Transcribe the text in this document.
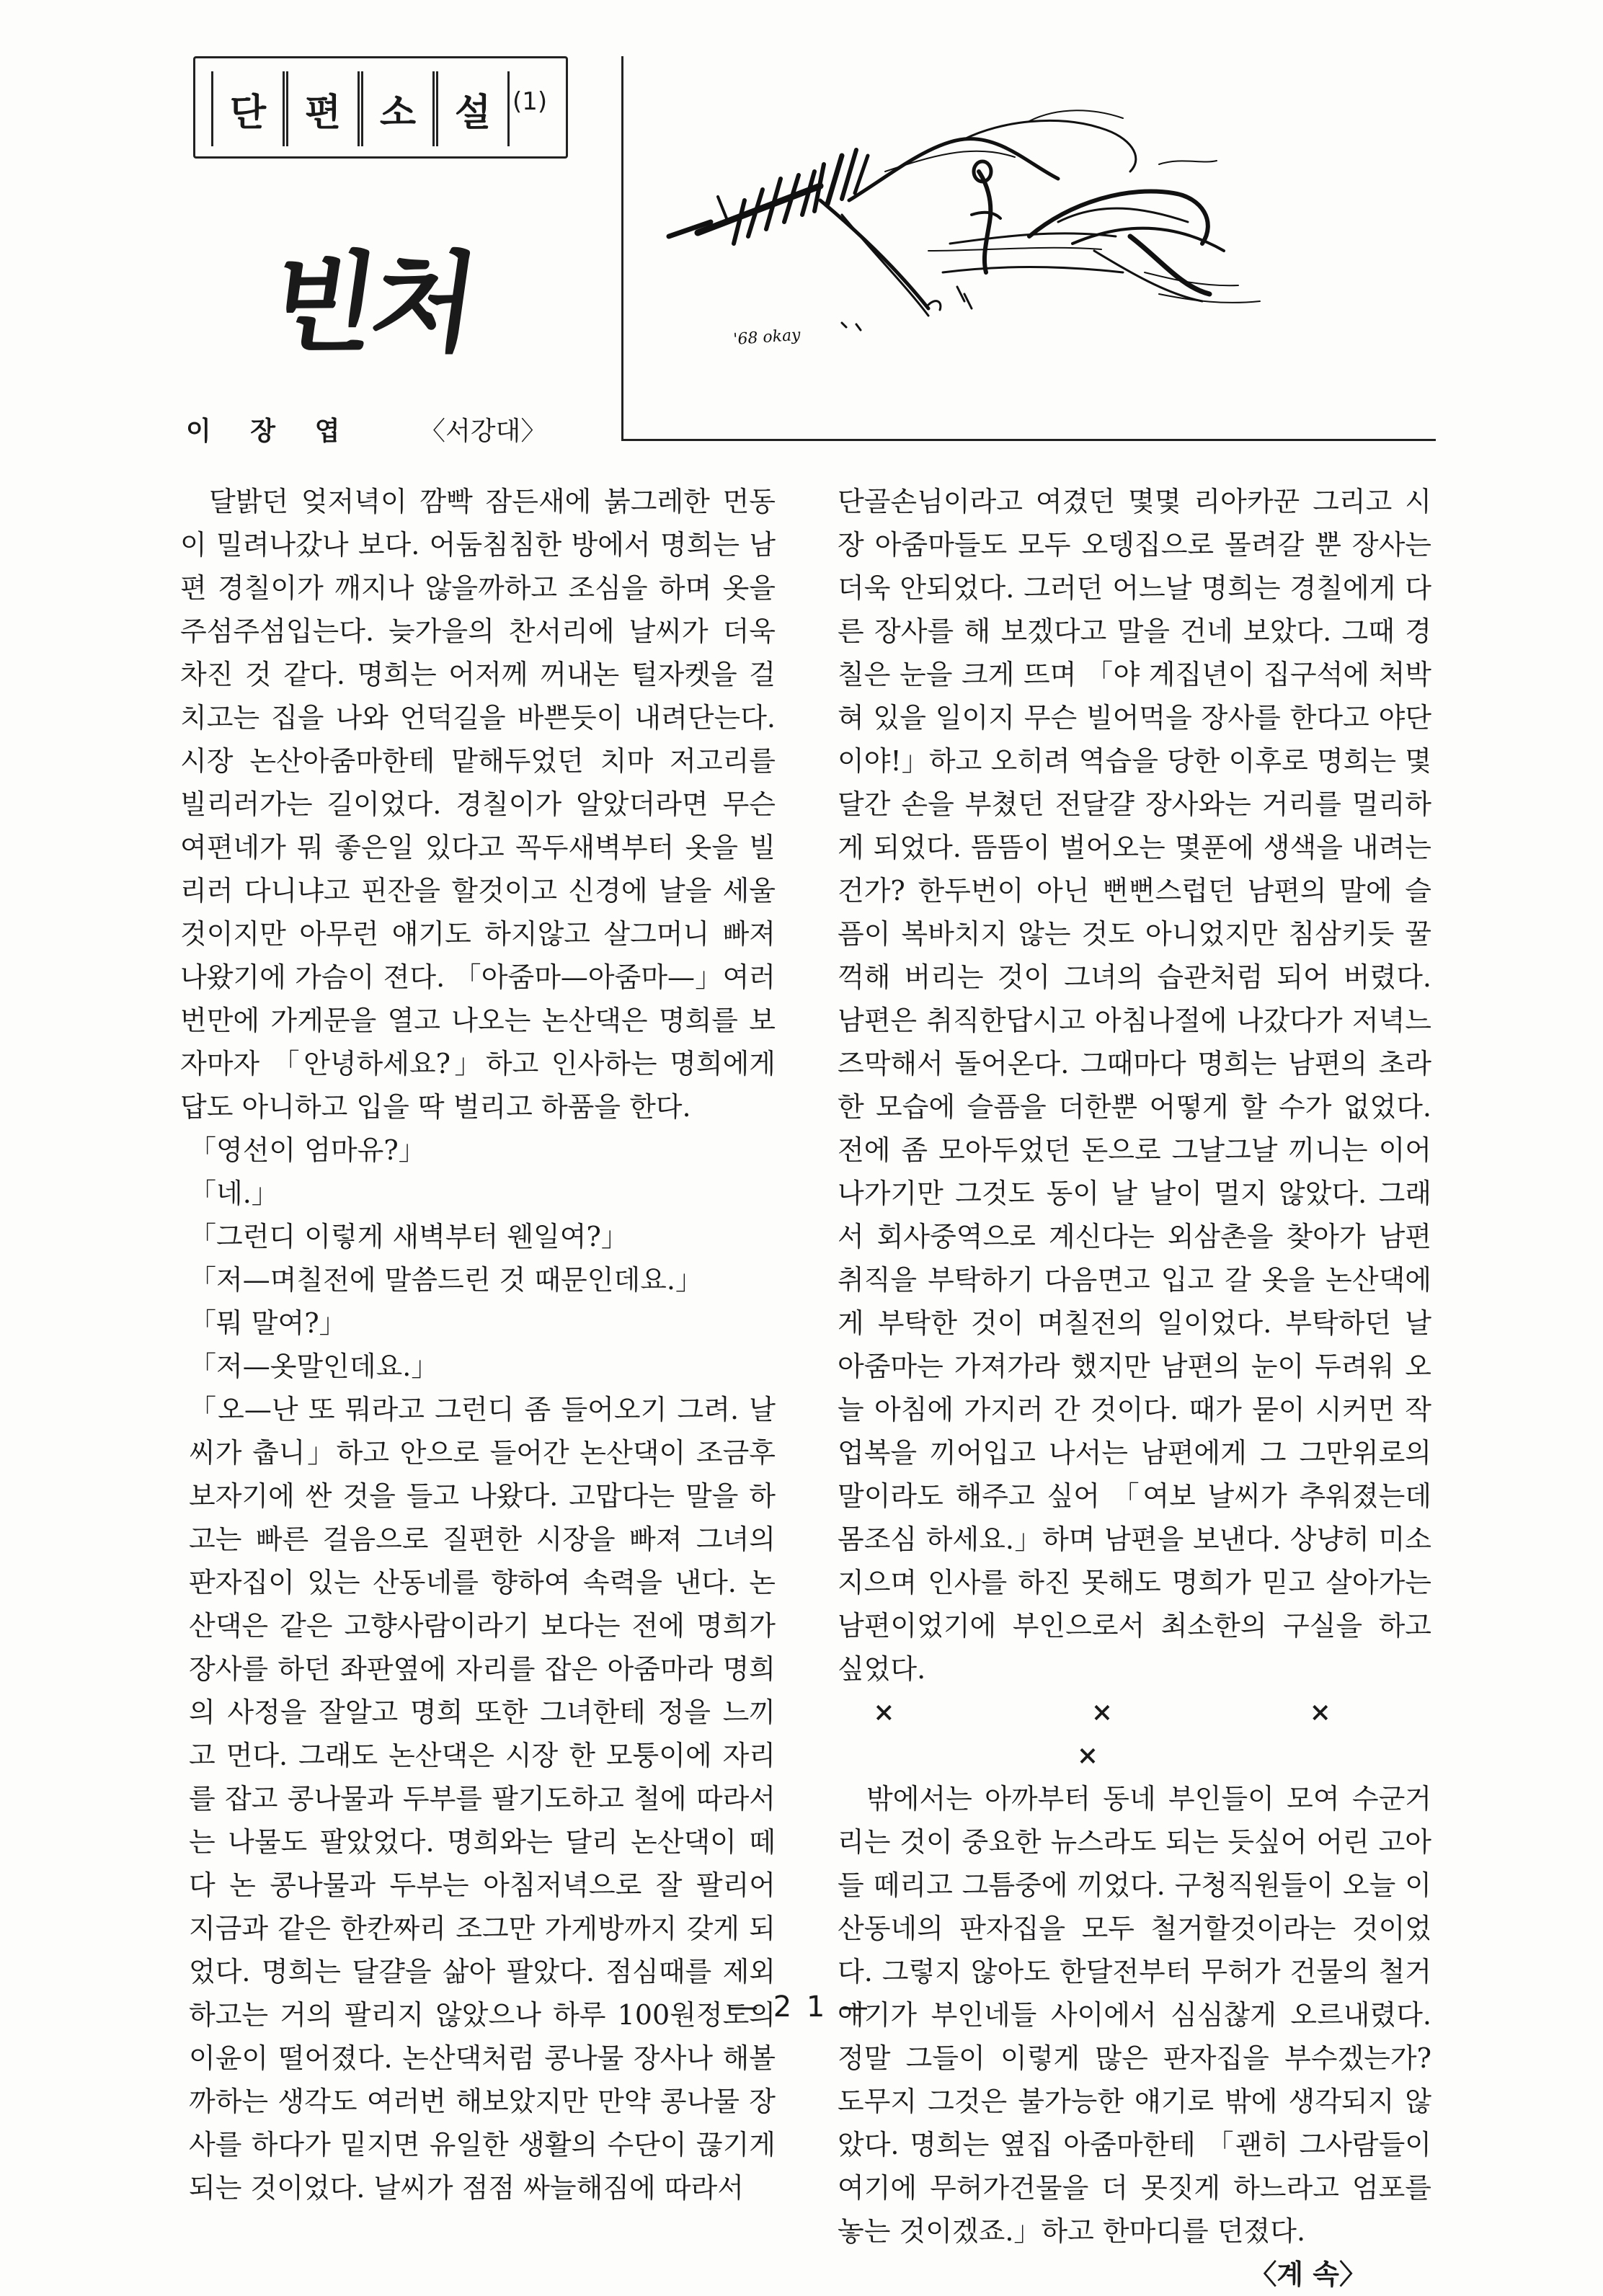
단	편	소	설 (1)
빈처
이 장 엽	〈서강대〉
'68 okay

달밝던 엊저녁이 깜빡 잠든새에 붉그레한 먼동이 밀려나갔나 보다. 어둠침침한 방에서 명희는 남편 경칠이가 깨지나 않을까하고 조심을 하며 옷을 주섬주섬입는다. 늦가을의 찬서리에 날씨가 더욱 차진 것 같다. 명희는 어저께 꺼내논 털자켓을 걸치고는 집을 나와 언덕길을 바쁜듯이 내려단는다. 시장 논산아줌마한테 맡해두었던 치마 저고리를 빌리러가는 길이었다. 경칠이가 알았더라면 무슨 여편네가 뭐 좋은일 있다고 꼭두새벽부터 옷을 빌리러 다니냐고 핀잔을 할것이고 신경에 날을 세울것이지만 아무런 얘기도 하지않고 살그머니 빠져 나왔기에 가슴이 젼다. 「아줌마—아줌마—」여러번만에 가게문을 열고 나오는 논산댁은 명희를 보자마자 「안녕하세요?」하고 인사하는 명희에게 답도 아니하고 입을 딱 벌리고 하품을 한다.

「영선이 엄마유?」

「네.」

「그런디 이렇게 새벽부터 웬일여?」

「저—며칠전에 말씀드린 것 때문인데요.」

「뭐 말여?」

「저—옷말인데요.」

「오—난 또 뭐라고 그런디 좀 들어오기 그려. 날씨가 춥니」하고 안으로 들어간 논산댁이 조금후 보자기에 싼 것을 들고 나왔다. 고맙다는 말을 하고는 빠른 걸음으로 질편한 시장을 빠져 그녀의 판자집이 있는 산동네를 향하여 속력을 낸다. 논산댁은 같은 고향사람이라기 보다는 전에 명희가 장사를 하던 좌판옆에 자리를 잡은 아줌마라 명희의 사정을 잘알고 명희 또한 그녀한테 정을 느끼고 먼다. 그래도 논산댁은 시장 한 모퉁이에 자리를 잡고 콩나물과 두부를 팔기도하고 철에 따라서는 나물도 팔았었다. 명희와는 달리 논산댁이 떼다 논 콩나물과 두부는 아침저녁으로 잘 팔리어 지금과 같은 한칸짜리 조그만 가게방까지 갖게 되었다. 명희는 달걀을 삶아 팔았다. 점심때를 제외하고는 거의 팔리지 않았으나 하루 100원정도의 이윤이 떨어졌다. 논산댁처럼 콩나물 장사나 해볼까하는 생각도 여러번 해보았지만 만약 콩나물 장사를 하다가 밑지면 유일한 생활의 수단이 끊기게 되는 것이었다. 날씨가 점점 싸늘해짐에 따라서

단골손님이라고 여겼던 몇몇 리아카꾼 그리고 시장 아줌마들도 모두 오뎅집으로 몰려갈 뿐 장사는 더욱 안되었다. 그러던 어느날 명희는 경칠에게 다른 장사를 해 보겠다고 말을 건네 보았다. 그때 경칠은 눈을 크게 뜨며 「야 계집년이 집구석에 처박혀 있을 일이지 무슨 빌어먹을 장사를 한다고 야단이야!」하고 오히려 역습을 당한 이후로 명희는 몇달간 손을 부쳤던 전달걀 장사와는 거리를 멀리하게 되었다. 뜸뜸이 벌어오는 몇푼에 생색을 내려는건가? 한두번이 아닌 뻔뻔스럽던 남편의 말에 슬픔이 복바치지 않는 것도 아니었지만 침삼키듯 꿀꺽해 버리는 것이 그녀의 습관처럼 되어 버렸다. 남편은 취직한답시고 아침나절에 나갔다가 저녁느즈막해서 돌어온다. 그때마다 명희는 남편의 초라한 모습에 슬픔을 더한뿐 어떻게 할 수가 없었다. 전에 좀 모아두었던 돈으로 그날그날 끼니는 이어 나가기만 그것도 동이 날 날이 멀지 않았다. 그래서 회사중역으로 계신다는 외삼촌을 찾아가 남편취직을 부탁하기 다음면고 입고 갈 옷을 논산댁에게 부탁한 것이 며칠전의 일이었다. 부탁하던 날 아줌마는 가져가라 했지만 남편의 눈이 두려워 오늘 아침에 가지러 간 것이다. 때가 묻이 시커먼 작업복을 끼어입고 나서는 남편에게 그 그만위로의 말이라도 해주고 싶어 「여보 날씨가 추워졌는데 몸조심 하세요.」하며 남편을 보낸다. 상냥히 미소지으며 인사를 하진 못해도 명희가 믿고 살아가는 남편이었기에 부인으로서 최소한의 구실을 하고 싶었다.

× × × ×

밖에서는 아까부터 동네 부인들이 모여 수군거리는 것이 중요한 뉴스라도 되는 듯싶어 어린 고아들 떼리고 그틈중에 끼었다. 구청직원들이 오늘 이 산동네의 판자집을 모두 철거할것이라는 것이었다. 그렇지 않아도 한달전부터 무허가 건물의 철거 얘기가 부인네들 사이에서 심심찮게 오르내렸다. 정말 그들이 이렇게 많은 판자집을 부수겠는가? 도무지 그것은 불가능한 얘기로 밖에 생각되지 않았다. 명희는 옆집 아줌마한테 「괜히 그사람들이 여기에 무허가건물을 더 못짓게 하느라고 엄포를 놓는 것이겠죠.」하고 한마디를 던졌다.

〈계 속〉

— 2 1 —
